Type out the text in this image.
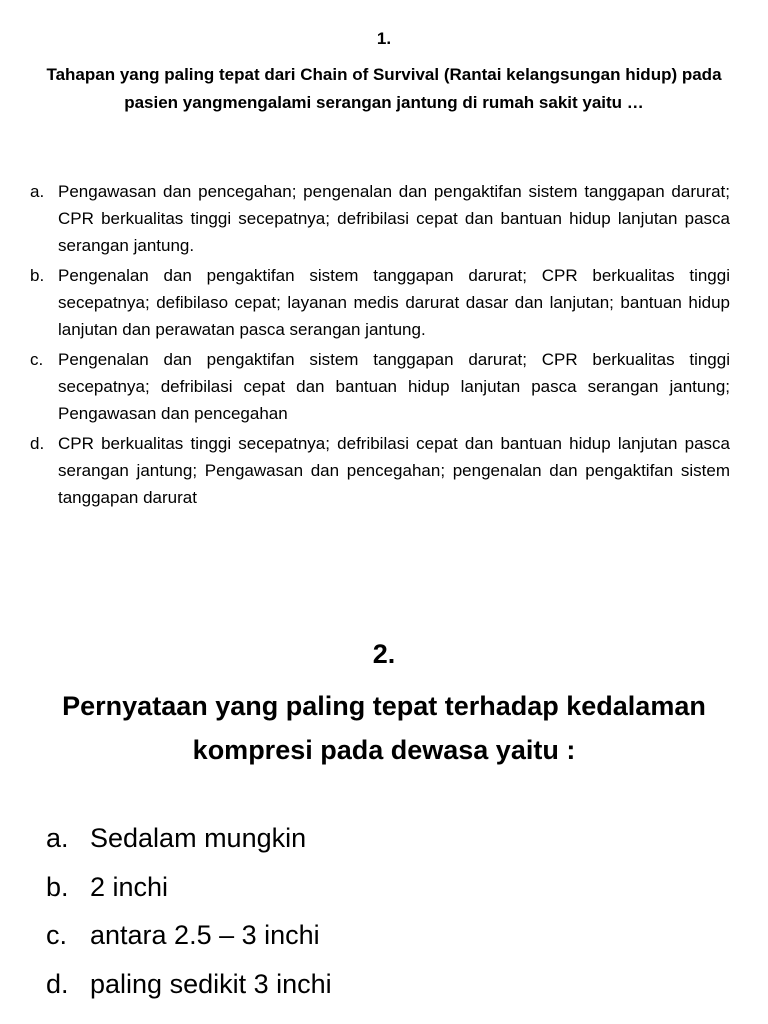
1.
Tahapan yang paling tepat dari Chain of Survival (Rantai kelangsungan hidup) pada pasien yangmengalami serangan jantung di rumah sakit yaitu …
a. Pengawasan dan pencegahan; pengenalan dan pengaktifan sistem tanggapan darurat; CPR berkualitas tinggi secepatnya; defribilasi cepat dan bantuan hidup lanjutan pasca serangan jantung.
b. Pengenalan dan pengaktifan sistem tanggapan darurat; CPR berkualitas tinggi secepatnya; defibilaso cepat; layanan medis darurat dasar dan lanjutan; bantuan hidup lanjutan dan perawatan pasca serangan jantung.
c. Pengenalan dan pengaktifan sistem tanggapan darurat; CPR berkualitas tinggi secepatnya; defribilasi cepat dan bantuan hidup lanjutan pasca serangan jantung; Pengawasan dan pencegahan
d. CPR berkualitas tinggi secepatnya; defribilasi cepat dan bantuan hidup lanjutan pasca serangan jantung; Pengawasan dan pencegahan; pengenalan dan pengaktifan sistem tanggapan darurat
2.
Pernyataan yang paling tepat terhadap kedalaman kompresi pada dewasa yaitu :
a. Sedalam mungkin
b. 2 inchi
c. antara 2.5 – 3 inchi
d. paling sedikit 3 inchi
